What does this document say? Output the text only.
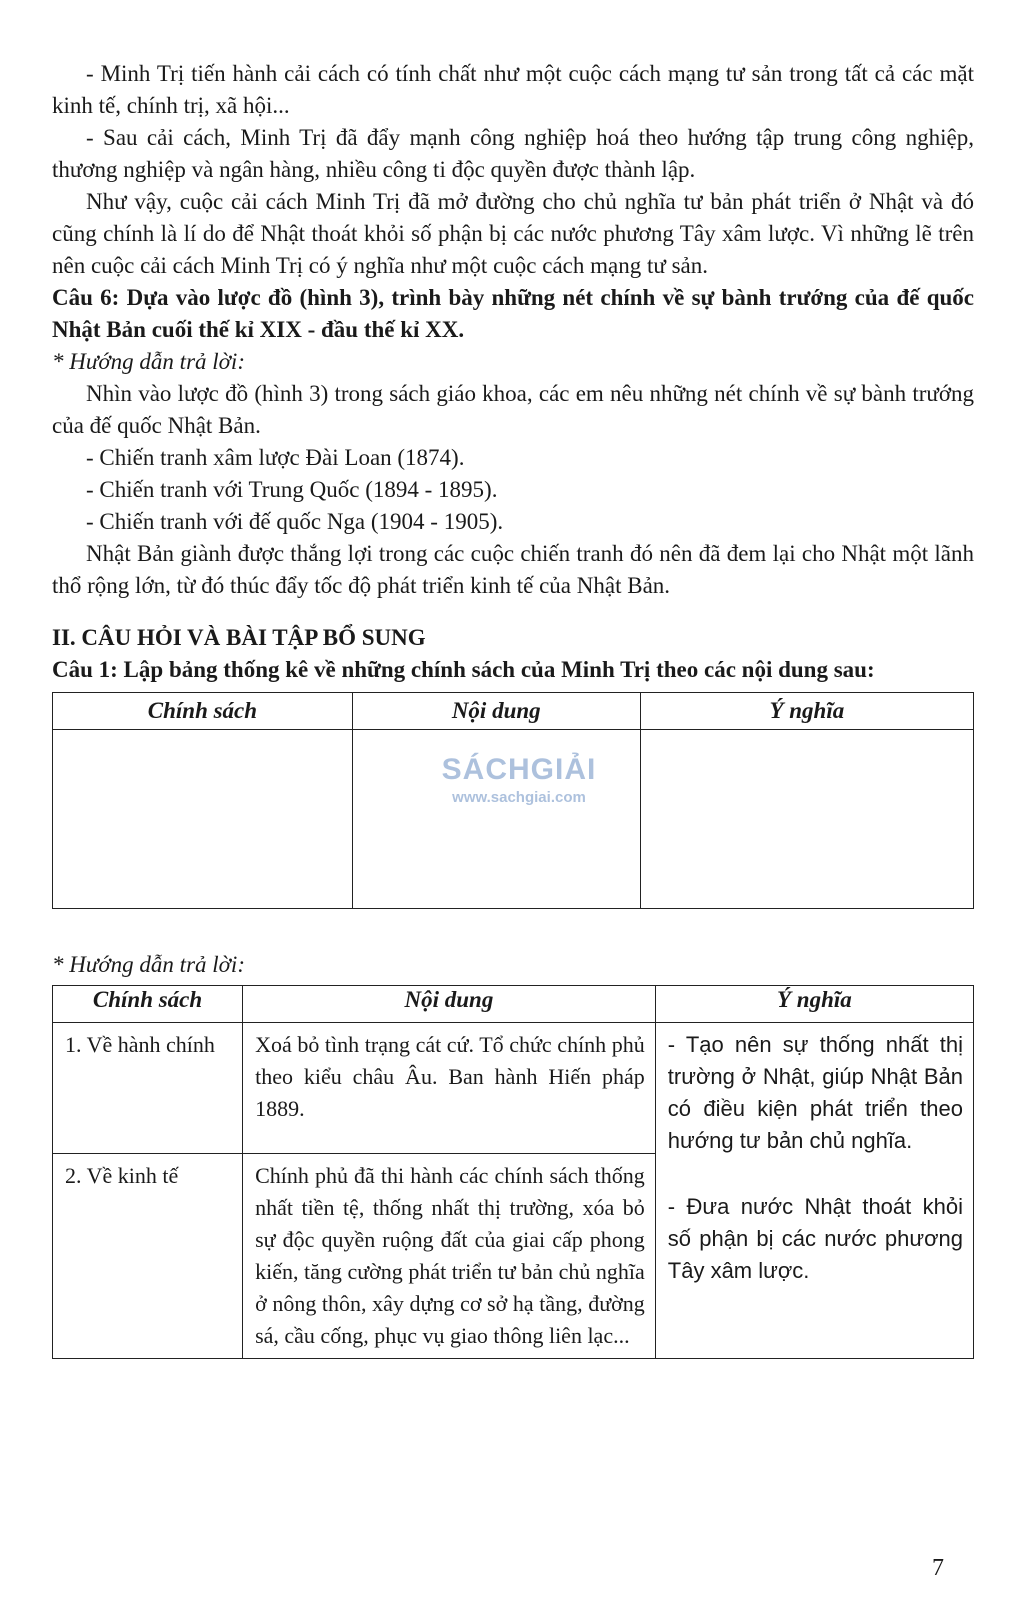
- Minh Trị tiến hành cải cách có tính chất như một cuộc cách mạng tư sản trong tất cả các mặt kinh tế, chính trị, xã hội...

- Sau cải cách, Minh Trị đã đẩy mạnh công nghiệp hoá theo hướng tập trung công nghiệp, thương nghiệp và ngân hàng, nhiều công ti độc quyền được thành lập.

Như vậy, cuộc cải cách Minh Trị đã mở đường cho chủ nghĩa tư bản phát triển ở Nhật và đó cũng chính là lí do để Nhật thoát khỏi số phận bị các nước phương Tây xâm lược. Vì những lẽ trên nên cuộc cải cách Minh Trị có ý nghĩa như một cuộc cách mạng tư sản.

Câu 6: Dựa vào lược đồ (hình 3), trình bày những nét chính về sự bành trướng của đế quốc Nhật Bản cuối thế kỉ XIX - đầu thế kỉ XX.

* Hướng dẫn trả lời:

Nhìn vào lược đồ (hình 3) trong sách giáo khoa, các em nêu những nét chính về sự bành trướng của đế quốc Nhật Bản.

- Chiến tranh xâm lược Đài Loan (1874).

- Chiến tranh với Trung Quốc (1894 - 1895).

- Chiến tranh với đế quốc Nga (1904 - 1905).

Nhật Bản giành được thắng lợi trong các cuộc chiến tranh đó nên đã đem lại cho Nhật một lãnh thổ rộng lớn, từ đó thúc đẩy tốc độ phát triển kinh tế của Nhật Bản.

II. CÂU HỎI VÀ BÀI TẬP BỔ SUNG

Câu 1: Lập bảng thống kê về những chính sách của Minh Trị theo các nội dung sau:

Chính sách	Nội dung	Ý nghĩa

* Hướng dẫn trả lời:

Chính sách	Nội dung	Ý nghĩa
1. Về hành chính	Xoá bỏ tình trạng cát cứ. Tổ chức chính phủ theo kiểu châu Âu. Ban hành Hiến pháp 1889.	- Tạo nên sự thống nhất thị trường ở Nhật, giúp Nhật Bản có điều kiện phát triển theo hướng tư bản chủ nghĩa.
- Đưa nước Nhật thoát khỏi số phận bị các nước phương Tây xâm lược.

2. Về kinh tế	Chính phủ đã thi hành các chính sách thống nhất tiền tệ, thống nhất thị trường, xóa bỏ sự độc quyền ruộng đất của giai cấp phong kiến, tăng cường phát triển tư bản chủ nghĩa ở nông thôn, xây dựng cơ sở hạ tầng, đường sá, cầu cống, phục vụ giao thông liên lạc...	
SÁCHGIẢI
www.sachgiai.com
7
